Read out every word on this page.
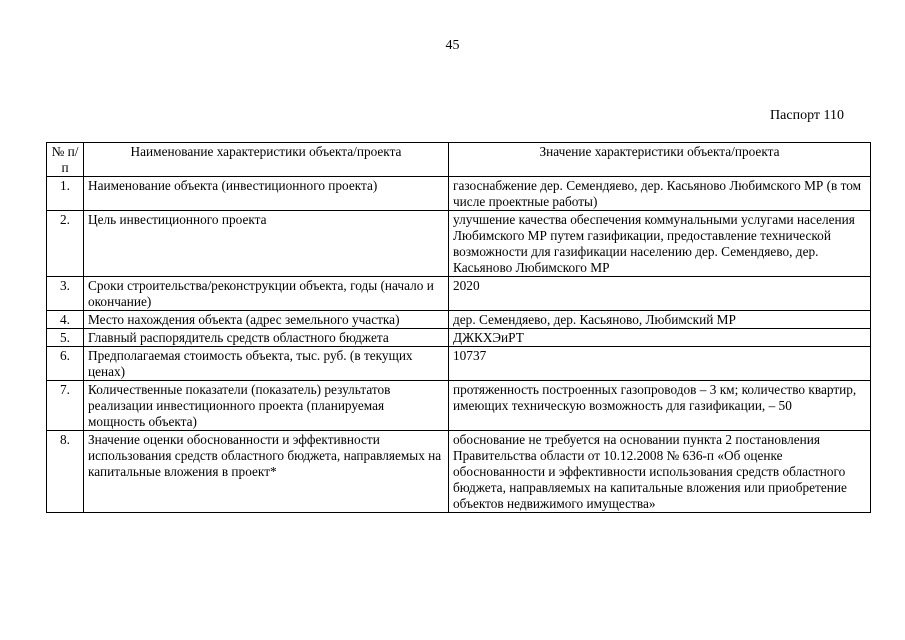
45
Паспорт 110
№ п/п	Наименование характеристики объекта/проекта	Значение характеристики объекта/проекта
1.	Наименование объекта (инвестиционного проекта)	газоснабжение дер. Семендяево, дер. Касьяново Любимского МР (в том числе проектные работы)
2.	Цель инвестиционного проекта	улучшение качества обеспечения коммунальными услугами населения Любимского МР путем газификации, предоставление технической возможности для газификации населению дер. Семендяево, дер. Касьяново Любимского МР
3.	Сроки строительства/реконструкции объекта, годы (начало и окончание)	2020
4.	Место нахождения объекта (адрес земельного участка)	дер. Семендяево, дер. Касьяново, Любимский МР
5.	Главный распорядитель средств областного бюджета	ДЖКХЭиРТ
6.	Предполагаемая стоимость объекта, тыс. руб. (в текущих ценах)	10737
7.	Количественные показатели (показатель) результатов реализации инвестиционного проекта (планируемая мощность объекта)	протяженность построенных газопроводов – 3 км; количество квартир, имеющих техническую возможность для газификации, – 50
8.	Значение оценки обоснованности и эффективности использования средств областного бюджета, направляемых на капитальные вложения в проект*	обоснование не требуется на основании пункта 2 постановления Правительства области от 10.12.2008 № 636-п «Об оценке обоснованности и эффективности использования средств областного бюджета, направляемых на капитальные вложения или приобретение объектов недвижимого имущества»
